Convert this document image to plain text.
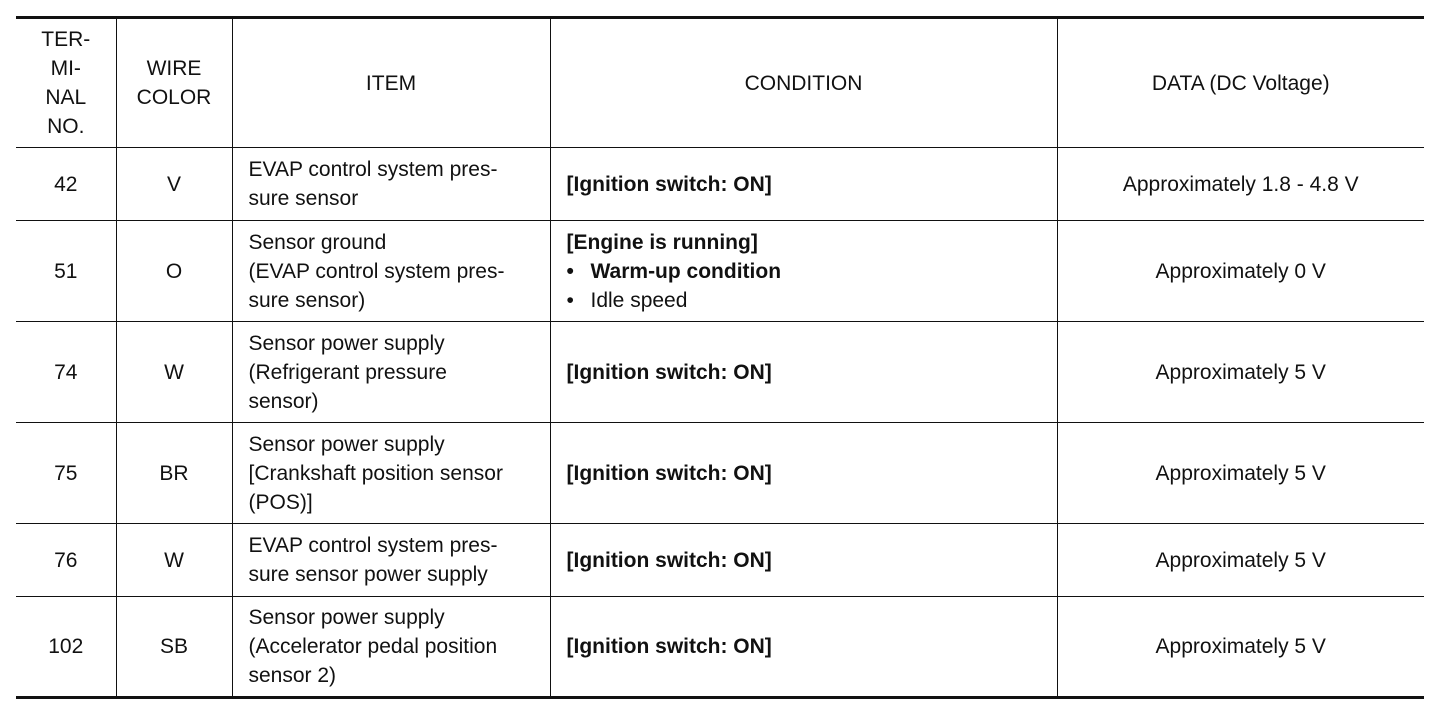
TER-
MI-
NAL
NO.	WIRE
COLOR	ITEM	CONDITION	DATA (DC Voltage)
42	V	EVAP control system pres-
sure sensor	[Ignition switch: ON]	Approximately 1.8 - 4.8 V
51	O	Sensor ground
(EVAP control system pres-
sure sensor)	[Engine is running]
• Warm-up condition
• Idle speed	Approximately 0 V
74	W	Sensor power supply
(Refrigerant pressure
sensor)	[Ignition switch: ON]	Approximately 5 V
75	BR	Sensor power supply
[Crankshaft position sensor
(POS)]	[Ignition switch: ON]	Approximately 5 V
76	W	EVAP control system pres-
sure sensor power supply	[Ignition switch: ON]	Approximately 5 V
102	SB	Sensor power supply
(Accelerator pedal position
sensor 2)	[Ignition switch: ON]	Approximately 5 V
